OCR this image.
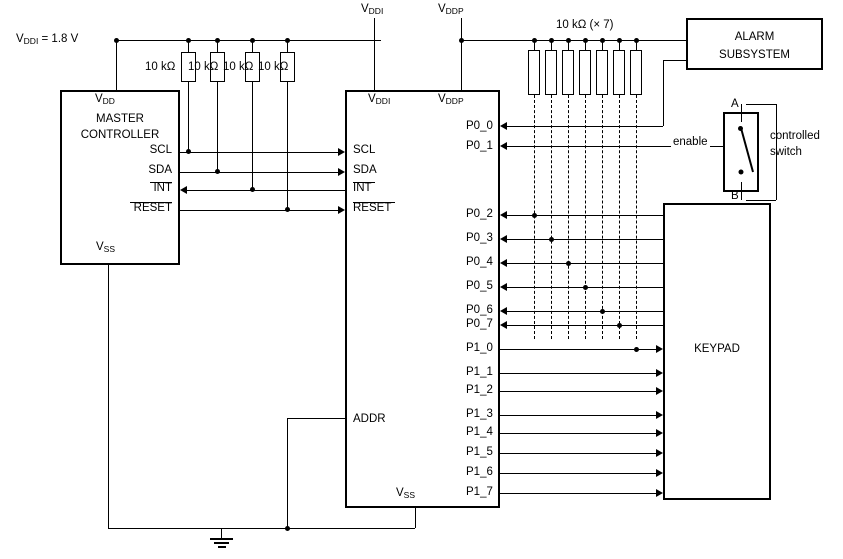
$V_{DDI}$	$V_{DDP}$
$V_{DDI} = 1.8$ V
10 kΩ 10 kΩ 10 kΩ 10 kΩ
$V_{DD}$
MASTER
CONTROLLER
$V_{SS}$
SCL
SDA
INT
RESET
$V_{DDI}$	$V_{DDP}$
$V_{SS}$
SCL
SDA
INT
RESET
ADDR
ALARM
SUBSYSTEM
10 kΩ (× 7)
A
B
controlled
switch
enable
KEYPAD
P0_0
P0_1
P0_2
P0_3
P0_4
P0_5
P0_6
P0_7
P1_0
P1_1
P1_2
P1_3
P1_4
P1_5
P1_6
P1_7
